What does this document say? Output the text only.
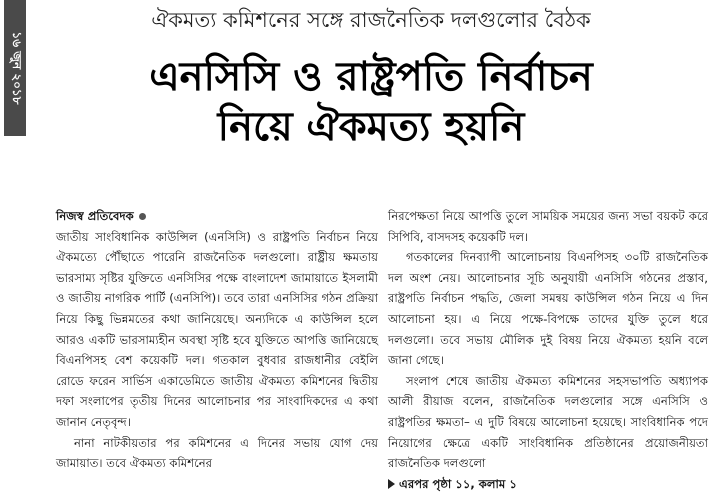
১৬ জুন ২০১৮
ঐকমত্য কমিশনের সঙ্গে রাজনৈতিক দলগুলোর বৈঠক
এনসিসি ও রাষ্ট্রপতি নির্বাচন
নিয়ে ঐকমত্য হয়নি

নিজস্ব প্রতিবেদক

জাতীয় সাংবিধানিক কাউন্সিল (এনসিসি) ও রাষ্ট্রপতি নির্বাচন নিয়ে ঐকমত্যে পৌঁছাতে পারেনি রাজনৈতিক দলগুলো। রাষ্ট্রীয় ক্ষমতায় ভারসাম্য সৃষ্টির যুক্তিতে এনসিসির পক্ষে বাংলাদেশ জামায়াতে ইসলামী ও জাতীয় নাগরিক পার্টি (এনসিপি)। তবে তারা এনসিসির গঠন প্রক্রিয়া নিয়ে কিছু ভিন্নমতের কথা জানিয়েছে। অন্যদিকে এ কাউন্সিল হলে আরও একটি ভারসাম্যহীন অবস্থা সৃষ্টি হবে যুক্তিতে আপত্তি জানিয়েছে বিএনপিসহ বেশ কয়েকটি দল। গতকাল বুধবার রাজধানীর বেইলি রোডে ফরেন সার্ভিস একাডেমিতে জাতীয় ঐকমত্য কমিশনের দ্বিতীয় দফা সংলাপের তৃতীয় দিনের আলোচনার পর সাংবাদিকদের এ কথা জানান নেতৃবৃন্দ।

নানা নাটকীয়তার পর কমিশনের এ দিনের সভায় যোগ দেয় জামায়াত। তবে ঐকমত্য কমিশনের

নিরপেক্ষতা নিয়ে আপত্তি তুলে সাময়িক সময়ের জন্য সভা বয়কট করে সিপিবি, বাসদসহ কয়েকটি দল।

গতকালের দিনব্যাপী আলোচনায় বিএনপিসহ ৩০টি রাজনৈতিক দল অংশ নেয়। আলোচনার সূচি অনুযায়ী এনসিসি গঠনের প্রস্তাব, রাষ্ট্রপতি নির্বাচন পদ্ধতি, জেলা সমন্বয় কাউন্সিল গঠন নিয়ে এ দিন আলোচনা হয়। এ নিয়ে পক্ষে-বিপক্ষে তাদের যুক্তি তুলে ধরে দলগুলো। তবে সভায় মৌলিক দুই বিষয় নিয়ে ঐকমত্য হয়নি বলে জানা গেছে।

সংলাপ শেষে জাতীয় ঐকমত্য কমিশনের সহসভাপতি অধ্যাপক আলী রীয়াজ বলেন, রাজনৈতিক দলগুলোর সঙ্গে এনসিসি ও রাষ্ট্রপতির ক্ষমতা– এ দুটি বিষয়ে আলোচনা হয়েছে। সাংবিধানিক পদে নিয়োগের ক্ষেত্রে একটি সাংবিধানিক প্রতিষ্ঠানের প্রয়োজনীয়তা রাজনৈতিক দলগুলো

এরপর পৃষ্ঠা ১১, কলাম ১
